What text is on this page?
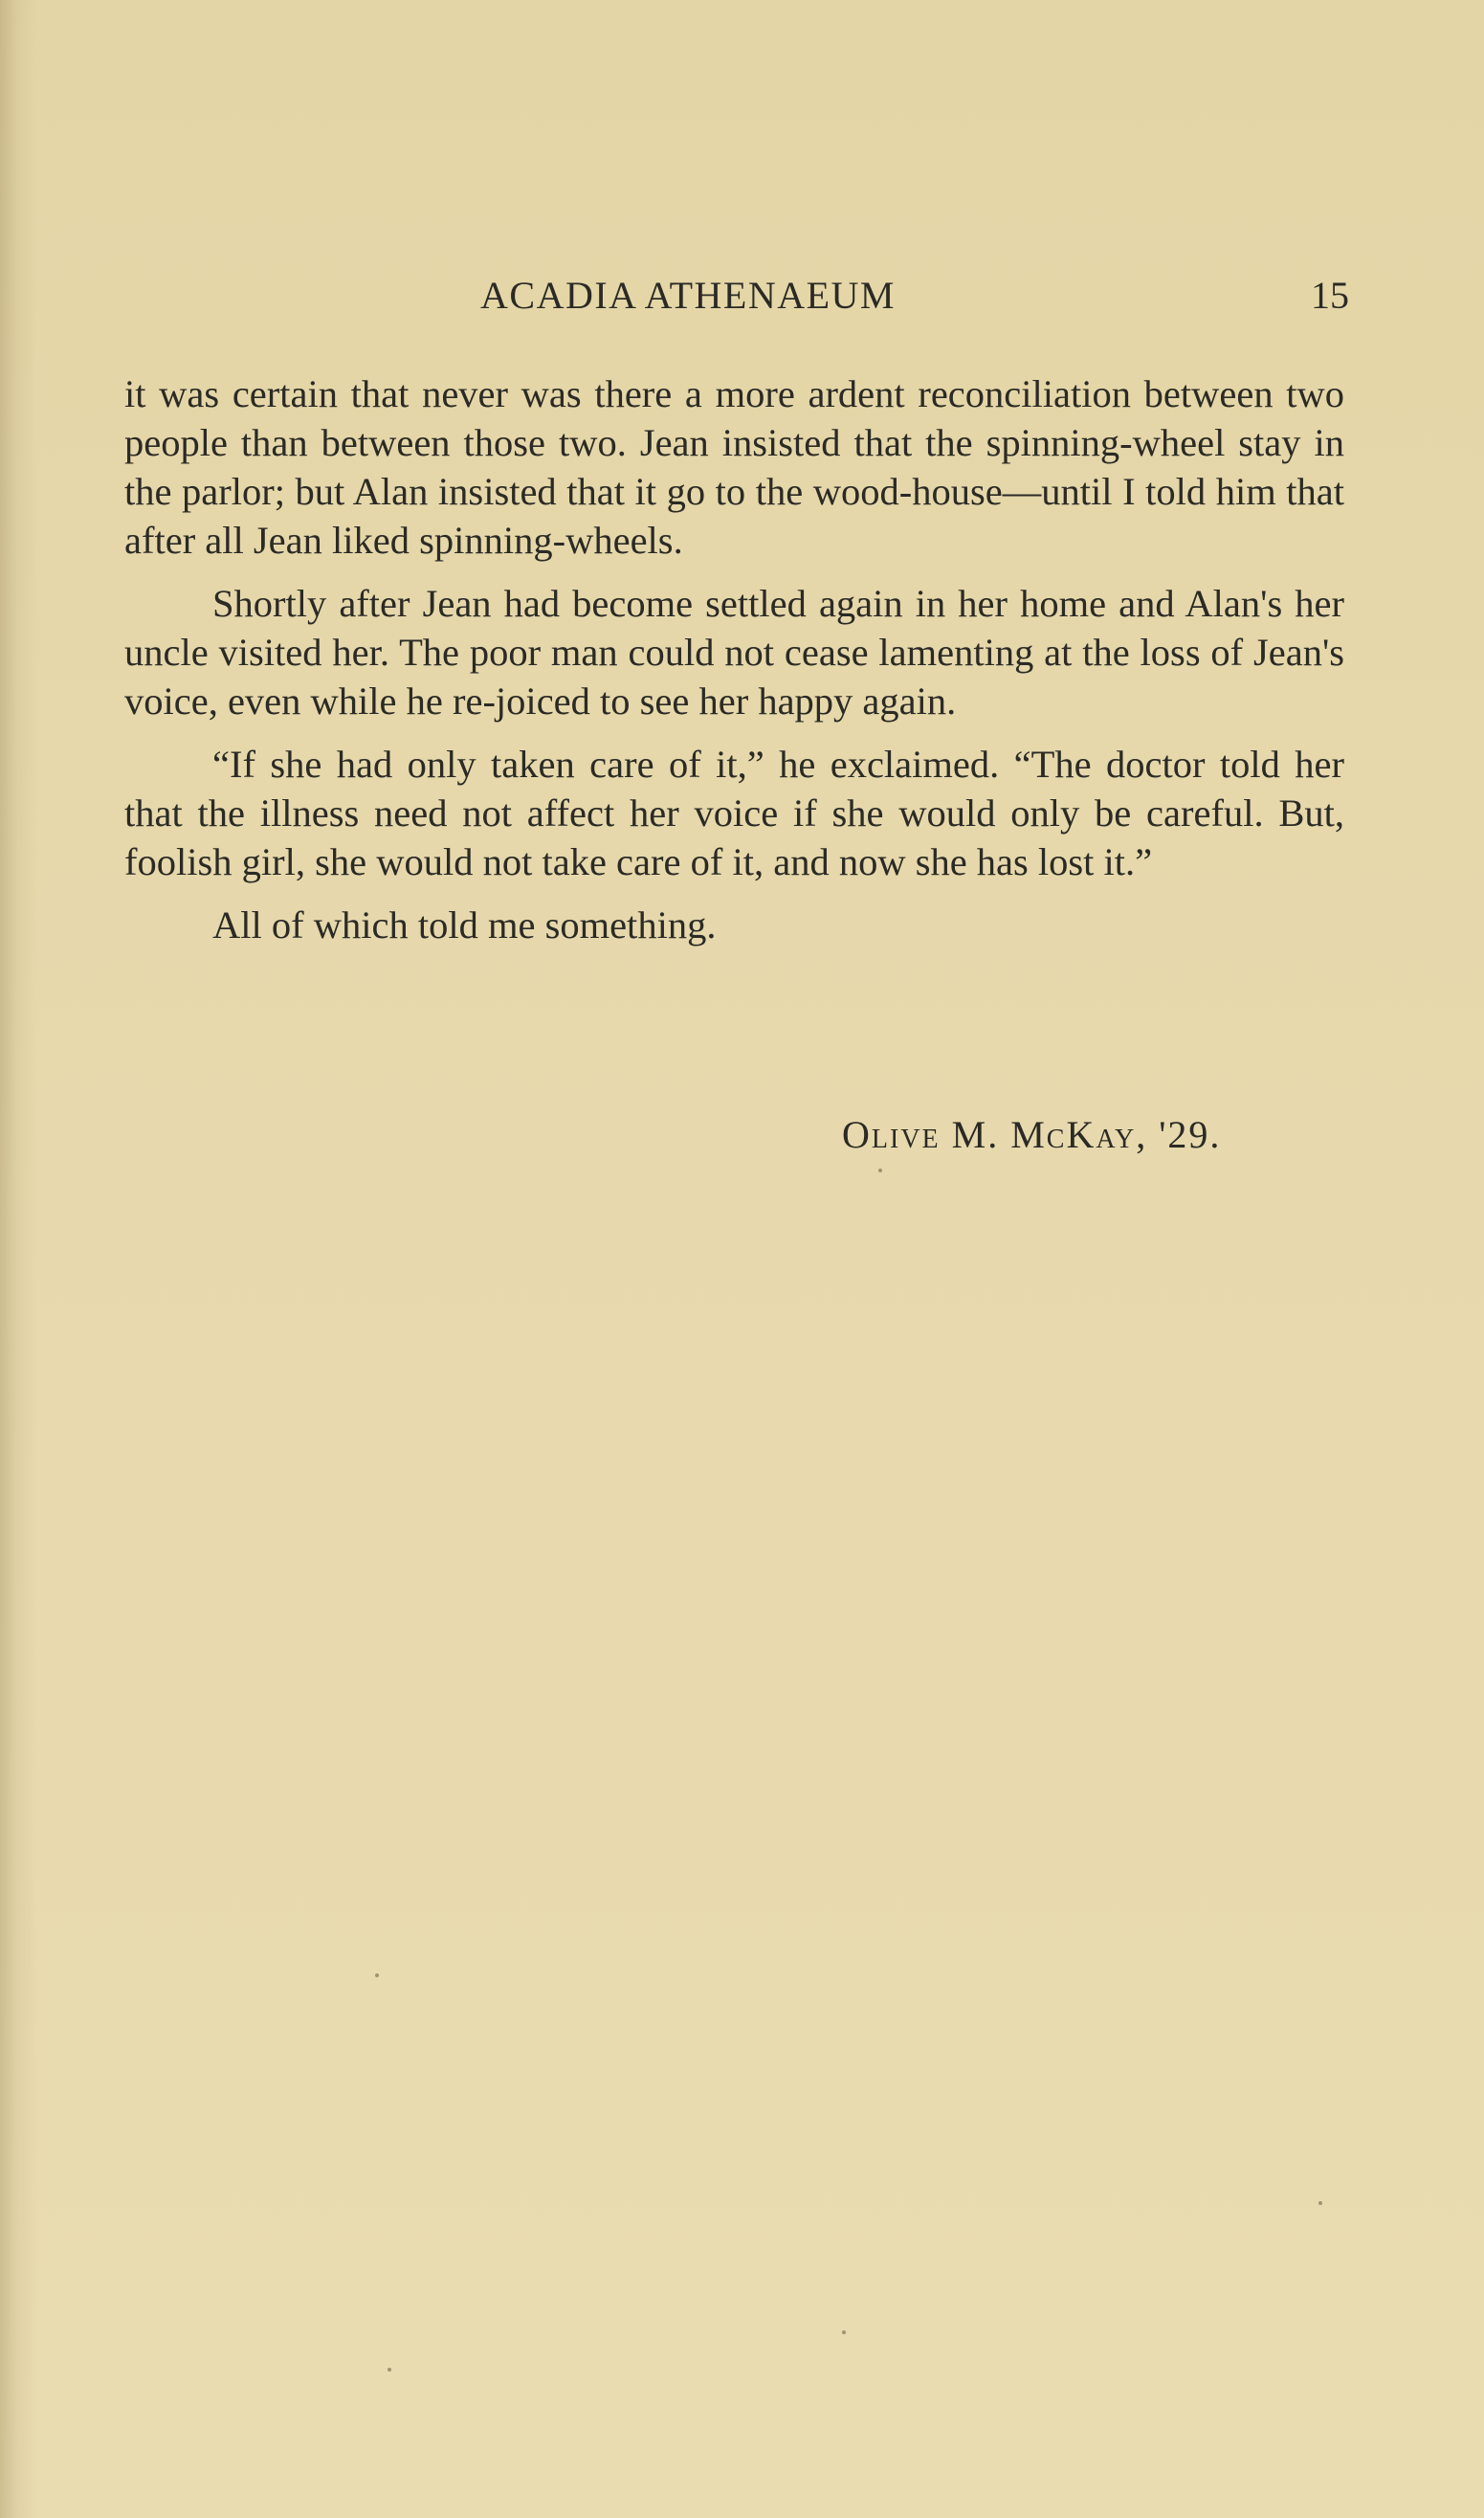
ACADIA ATHENAEUM	15

it was certain that never was there a more ardent reconciliation between two people than between those two. Jean insisted that the spinning-wheel stay in the parlor; but Alan insisted that it go to the wood-house—until I told him that after all Jean liked spinning-wheels.

Shortly after Jean had become settled again in her home and Alan's her uncle visited her. The poor man could not cease lamenting at the loss of Jean's voice, even while he re-joiced to see her happy again.

“If she had only taken care of it,” he exclaimed. “The doctor told her that the illness need not affect her voice if she would only be careful. But, foolish girl, she would not take care of it, and now she has lost it.”

All of which told me something.

Olive M. McKay, '29.
